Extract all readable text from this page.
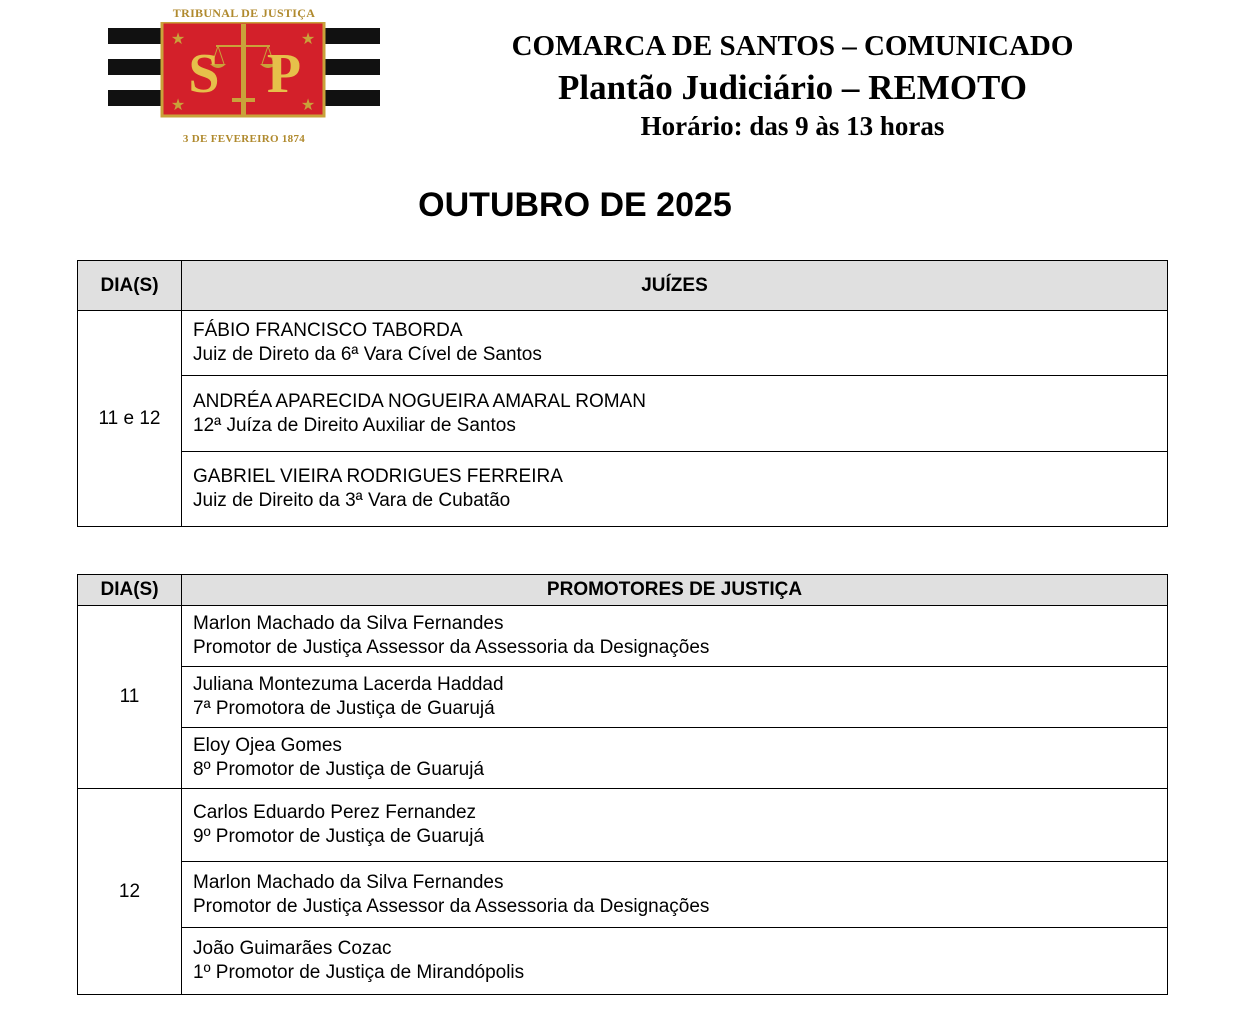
TRIBUNAL DE JUSTIÇA
★	★
★	★
S P
3 DE FEVEREIRO 1874
COMARCA DE SANTOS – COMUNICADO
Plantão Judiciário – REMOTO
Horário: das 9 às 13 horas
OUTUBRO DE 2025
DIA(S)	JUÍZES
11 e 12	FÁBIO FRANCISCO TABORDA
Juiz de Direto da 6ª Vara Cível de Santos

	ANDRÉA APARECIDA NOGUEIRA AMARAL ROMAN
12ª Juíza de Direito Auxiliar de Santos

	GABRIEL VIEIRA RODRIGUES FERREIRA
Juiz de Direito da 3ª Vara de Cubatão
DIA(S)	PROMOTORES DE JUSTIÇA
11	Marlon Machado da Silva Fernandes
Promotor de Justiça Assessor da Assessoria da Designações

	Juliana Montezuma Lacerda Haddad
7ª Promotora de Justiça de Guarujá

	Eloy Ojea Gomes
8º Promotor de Justiça de Guarujá

12	Carlos Eduardo Perez Fernandez
9º Promotor de Justiça de Guarujá

	Marlon Machado da Silva Fernandes
Promotor de Justiça Assessor da Assessoria da Designações

	João Guimarães Cozac
1º Promotor de Justiça de Mirandópolis
